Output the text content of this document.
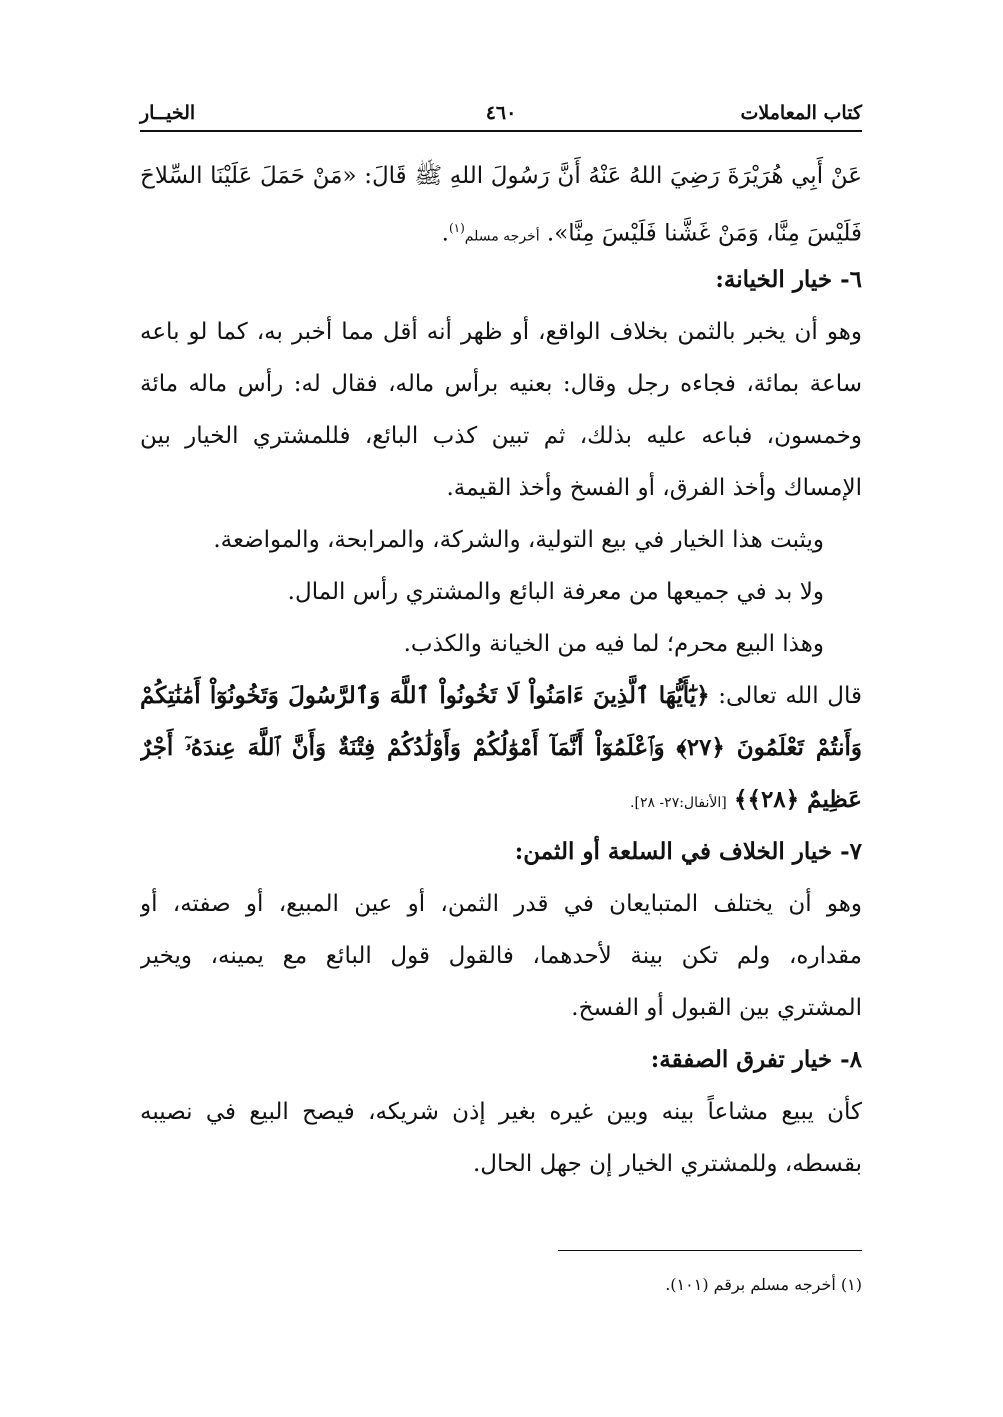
كتاب المعاملات
٤٦٠
الخيــار
عَنْ أَبِي هُرَيْرَةَ رَضِيَ اللهُ عَنْهُ أَنَّ رَسُولَ اللهِ ﷺ قَالَ: «مَنْ حَمَلَ عَلَيْنَا السِّلاحَ
فَلَيْسَ مِنَّا، وَمَنْ غَشَّنا فَلَيْسَ مِنَّا». أخرجه مسلم$^{(١)}$.
٦- خيار الخيانة:
وهو أن يخبر بالثمن بخلاف الواقع، أو ظهر أنه أقل مما أخبر به، كما لو باعه
ساعة بمائة، فجاءه رجل وقال: بعنيه برأس ماله، فقال له: رأس ماله مائة
وخمسون، فباعه عليه بذلك، ثم تبين كذب البائع، فللمشتري الخيار بين
الإمساك وأخذ الفرق، أو الفسخ وأخذ القيمة.
ويثبت هذا الخيار في بيع التولية، والشركة، والمرابحة، والمواضعة.
ولا بد في جميعها من معرفة البائع والمشتري رأس المال.
وهذا البيع محرم؛ لما فيه من الخيانة والكذب.
قال الله تعالى: ﴿يَٰٓأَيُّهَا ٱلَّذِينَ ءَامَنُواْ لَا تَخُونُواْ ٱللَّهَ وَٱلرَّسُولَ وَتَخُونُوٓاْ أَمَٰنَٰتِكُمْ
وَأَنتُمْ تَعْلَمُونَ ﴿٢٧﴾ وَٱعْلَمُوٓاْ أَنَّمَآ أَمْوَٰلُكُمْ وَأَوْلَٰدُكُمْ فِتْنَةٌ وَأَنَّ ٱللَّهَ عِندَهُۥٓ أَجْرٌ
عَظِيمٌ ﴿٢٨﴾﴾ [الأنفال:٢٧- ٢٨].
٧- خيار الخلاف في السلعة أو الثمن:
وهو أن يختلف المتبايعان في قدر الثمن، أو عين المبيع، أو صفته، أو
مقداره، ولم تكن بينة لأحدهما، فالقول قول البائع مع يمينه، ويخير
المشتري بين القبول أو الفسخ.
٨- خيار تفرق الصفقة:
كأن يبيع مشاعاً بينه وبين غيره بغير إذن شريكه، فيصح البيع في نصيبه
بقسطه، وللمشتري الخيار إن جهل الحال.
(١) أخرجه مسلم برقم (١٠١).
